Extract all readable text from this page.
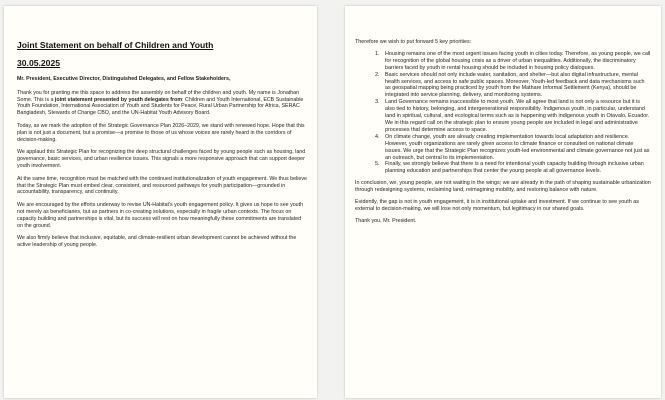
Joint Statement on behalf of Children and Youth
30.05.2025
Mr. President, Executive Director, Distinguished Delegates, and Fellow Stakeholders,
Thank you for granting me this space to address the assembly on behalf of the children and youth. My name is Jonathan Some. This is a joint statement presented by youth delegates from: Children and Youth International, ECB Sustainable Youth Foundation, International Association of Youth and Students for Peace, Rural Urban Partnership for Africa, SERAC Bangladesh, Stewards of Change CBO, and the UN-Habitat Youth Advisory Board.
Today, as we mark the adoption of the Strategic Governance Plan 2026–2029, we stand with renewed hope. Hope that this plan is not just a document, but a promise—a promise to those of us whose voices are rarely heard in the corridors of decision-making.
We applaud this Strategic Plan for recognizing the deep structural challenges faced by young people such as housing, land governance, basic services, and urban resilience issues. This signals a more responsive approach that can support deeper youth involvement.
At the same time, recognition must be matched with the continued institutionalization of youth engagement. We thus believe that the Strategic Plan must embed clear, consistent, and resourced pathways for youth participation—grounded in accountability, transparency, and continuity.
We are encouraged by the efforts underway to revise UN-Habitat's youth engagement policy. It gives us hope to see youth not merely as beneficiaries, but as partners in co-creating solutions, especially in fragile urban contexts. The focus on capacity building and partnerships is vital, but its success will rest on how meaningfully these commitments are translated on the ground.
We also firmly believe that inclusive, equitable, and climate-resilient urban development cannot be achieved without the active leadership of young people.
Therefore we wish to put forward 5 key priorities:
1. Housing remains one of the most urgent issues facing youth in cities today. Therefore, as young people, we call for recognition of the global housing crisis as a driver of urban inequalities. Additionally, the discriminatory barriers faced by youth in rental housing should be included in housing policy dialogues.
2. Basic services should not only include water, sanitation, and shelter—but also digital infrastructure, mental health services, and access to safe public spaces. Moreover, Youth-led feedback and data mechanisms such as geospatial mapping being practiced by youth from the Mathare Informal Settlement (Kenya), should be integrated into service planning, delivery, and monitoring systems.
3. Land Governance remains inaccessible to most youth. We all agree that land is not only a resource but it is also tied to history, belonging, and intergenerational responsibility. Indigenous youth, in particular, understand land in spiritual, cultural, and ecological terms such as is happening with indigenous youth in Otavalo, Ecuador. We in this regard call on the strategic plan to ensure young people are included in legal and administrative processes that determine access to space.
4. On climate change, youth are already creating implementation towards local adaptation and resilience. However, youth organizations are rarely given access to climate finance or consulted on national climate issues. We urge that the Strategic Plan recognizes youth-led environmental and climate governance not just as an outreach, but central to its implementation.
5. Finally, we strongly believe that there is a need for intentional youth capacity building through inclusive urban planning education and partnerships that center the young people at all governance levels.
In conclusion, we, young people, are not waiting in the wings; we are already in the path of shaping sustainable urbanization through redesigning systems, reclaiming land, reimagining mobility, and restoring balance with nature.
Evidently, the gap is not in youth engagement, it is in institutional uptake and investment. If we continue to see youth as external to decision-making, we will lose not only momentum, but legitimacy in our shared goals.
Thank you, Mr. President.
